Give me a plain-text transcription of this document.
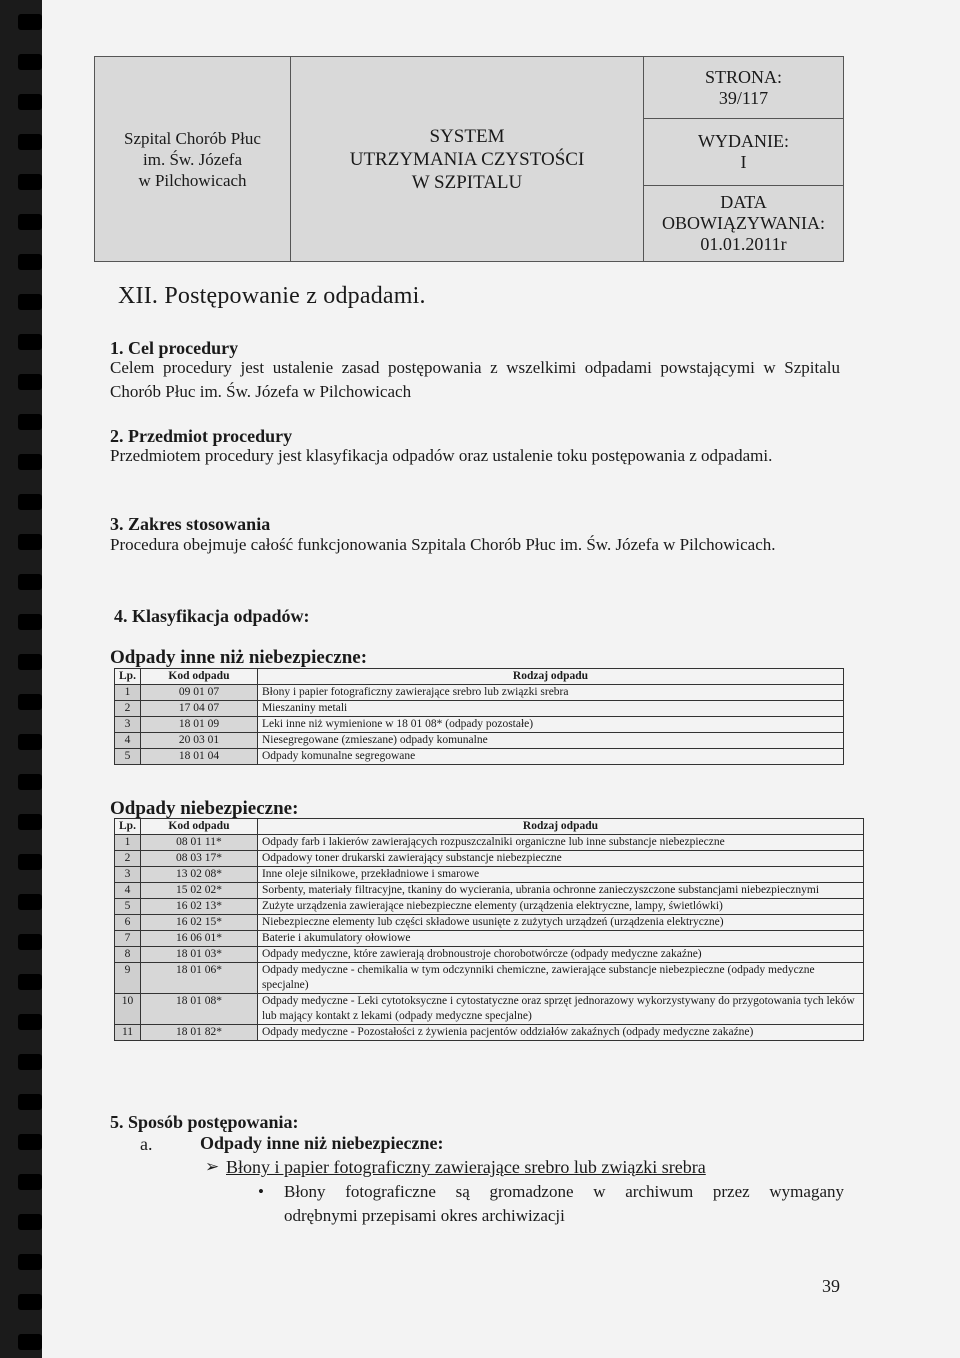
Szpital Chorób Płuc
im. Św. Józefa
w Pilchowicach

SYSTEM
UTRZYMANIA CZYSTOŚCI
W SZPITALU

STRONA:
39/117

WYDANIE:
I

DATA
OBOWIĄZYWANIA:
01.01.2011r
XII. Postępowanie z odpadami.
1. Cel procedury
Celem procedury jest ustalenie zasad postępowania z wszelkimi odpadami powstającymi w Szpitalu Chorób Płuc im. Św. Józefa w Pilchowicach
2. Przedmiot procedury
Przedmiotem procedury jest klasyfikacja odpadów oraz ustalenie toku postępowania z odpadami.
3. Zakres stosowania
Procedura obejmuje całość funkcjonowania Szpitala Chorób Płuc im. Św. Józefa w Pilchowicach.
4. Klasyfikacja odpadów:
Odpady inne niż niebezpieczne:
Lp.	Kod odpadu	Rodzaj odpadu
1	09 01 07	Błony i papier fotograficzny zawierające srebro lub związki srebra
2	17 04 07	Mieszaniny metali
3	18 01 09	Leki inne niż wymienione w 18 01 08* (odpady pozostałe)
4	20 03 01	Niesegregowane (zmieszane) odpady komunalne
5	18 01 04	Odpady komunalne segregowane
Odpady niebezpieczne:
Lp.	Kod odpadu	Rodzaj odpadu
1	08 01 11*	Odpady farb i lakierów zawierających rozpuszczalniki organiczne lub inne substancje niebezpieczne
2	08 03 17*	Odpadowy toner drukarski zawierający substancje niebezpieczne
3	13 02 08*	Inne oleje silnikowe, przekładniowe i smarowe
4	15 02 02*	Sorbenty, materiały filtracyjne, tkaniny do wycierania, ubrania ochronne zanieczyszczone substancjami niebezpiecznymi
5	16 02 13*	Zużyte urządzenia zawierające niebezpieczne elementy (urządzenia elektryczne, lampy, świetlówki)
6	16 02 15*	Niebezpieczne elementy lub części składowe usunięte z zużytych urządzeń (urządzenia elektryczne)
7	16 06 01*	Baterie i akumulatory ołowiowe
8	18 01 03*	Odpady medyczne, które zawierają drobnoustroje chorobotwórcze (odpady medyczne zakaźne)
9	18 01 06*	Odpady medyczne - chemikalia w tym odczynniki chemiczne, zawierające substancje niebezpieczne (odpady medyczne specjalne)
10	18 01 08*	Odpady medyczne - Leki cytotoksyczne i cytostatyczne oraz sprzęt jednorazowy wykorzystywany do przygotowania tych leków lub mający kontakt z lekami (odpady medyczne specjalne)
11	18 01 82*	Odpady medyczne - Pozostałości z żywienia pacjentów oddziałów zakaźnych (odpady medyczne zakaźne)
5. Sposób postępowania:
a.	Odpady inne niż niebezpieczne:
➢ Błony i papier fotograficzny zawierające srebro lub związki srebra
• Błony fotograficzne są gromadzone w archiwum przez wymagany
odrębnymi przepisami okres archiwizacji
39
